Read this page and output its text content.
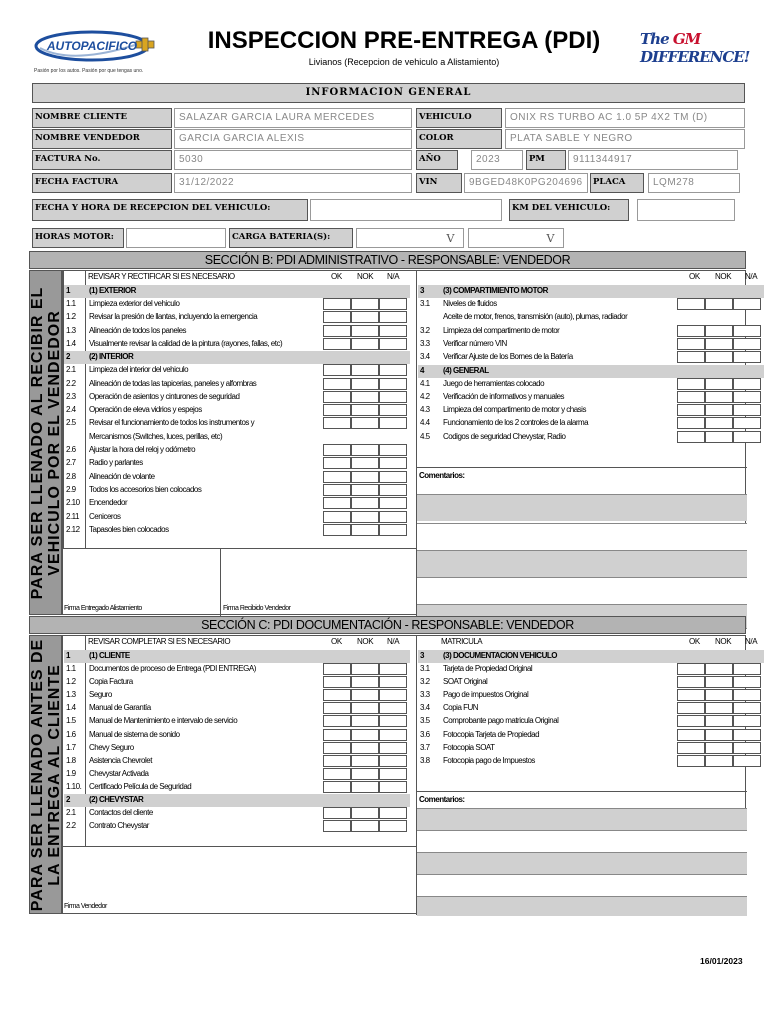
AUTOPACIFICO
Pasión por los autos. Pasión por que tengas uno.
The GM DIFFERENCE!
INSPECCION PRE-ENTREGA (PDI)
Livianos (Recepcion de vehiculo a Alistamiento)
INFORMACION GENERAL
NOMBRE CLIENTE	SALAZAR GARCIA LAURA MERCEDES	VEHICULO	ONIX RS TURBO AC 1.0 5P 4X2 TM (D)
NOMBRE VENDEDOR	GARCIA GARCIA ALEXIS	COLOR	PLATA SABLE Y NEGRO
FACTURA No.	5030	AÑO	2023	PM	9111344917
FECHA FACTURA	31/12/2022	VIN	9BGED48K0PG204696	PLACA	LQM278
FECHA Y HORA DE RECEPCION DEL VEHICULO:	KM DEL VEHICULO:
HORAS MOTOR:	CARGA BATERIA(S):	V	V
SECCIÓN B: PDI ADMINISTRATIVO - RESPONSABLE: VENDEDOR
PARA SER LLENADO AL RECIBIR EL VEHICULO POR EL VENDEDOR
REVISAR Y RECTIFICAR SI ES NECESARIO	OK NOK N/A	OK NOK N/A
1 (1) EXTERIOR
1.1 Limpieza exterior del vehiculo
1.2 Revisar la presión de llantas, incluyendo la emergencia
1.3 Alineación de todos los paneles
1.4 Visualmente revisar la calidad de la pintura (rayones, fallas, etc)
2 (2) INTERIOR
2.1 Limpieza del interior del vehiculo
2.2 Alineación de todas las tapicerias, paneles y alfombras
2.3 Operación de asientos y cinturones de seguridad
2.4 Operación de eleva vidrios y espejos
2.5 Revisar el funcionamiento de todos los instrumentos y
Mercanismos (Switches, luces, perillas, etc)
2.6 Ajustar la hora del reloj y odómetro
2.7 Radio y parlantes
2.8 Alineación de volante
2.9 Todos los accesorios bien colocados
2.10 Encendedor
2.11 Ceniceros
2.12 Tapasoles bien colocados
3 (3) COMPARTIMIENTO MOTOR
3.1 Niveles de fluidos
Aceite de motor, frenos, transmisión (auto), plumas, radiador
3.2 Limpieza del compartimento de motor
3.3 Verificar número VIN
3.4 Verificar Ajuste de los Bornes de la Batería
4 (4) GENERAL
4.1 Juego de herramientas colocado
4.2 Verificación de informativos y manuales
4.3 Limpieza del compartimento de motor y chasis
4.4 Funcionamiento de los 2 controles de la alarma
4.5 Codigos de seguridad Chevystar, Radio
Firma Entregado Alistamiento	Firma Recibido Vendedor
Comentarios:
SECCIÓN C: PDI DOCUMENTACIÓN - RESPONSABLE: VENDEDOR
PARA SER LLENADO ANTES DE LA ENTREGA AL CLIENTE
REVISAR COMPLETAR SI ES NECESARIO	MATRICULA
OK NOK N/A	OK NOK N/A
1 (1) CLIENTE
1.1 Documentos de proceso de Entrega (PDI ENTREGA)
1.2 Copia Factura
1.3 Seguro
1.4 Manual de Garantía
1.5 Manual de Mantenimiento e intervalo de servicio
1.6 Manual de sistema de sonido
1.7 Chevy Seguro
1.8 Asistencia Chevrolet
1.9 Chevystar Activada
1.10. Certificado Película de Seguridad
2 (2) CHEVYSTAR
2.1 Contactos del cliente
2.2 Contrato Chevystar
3 (3) DOCUMENTACION VEHICULO
3.1 Tarjeta de Propiedad Original
3.2 SOAT Original
3.3 Pago de impuestos Original
3.4 Copia FUN
3.5 Comprobante pago matricula Original
3.6 Fotocopia Tarjeta de Propiedad
3.7 Fotocopia SOAT
3.8 Fotocopia pago de Impuestos
Firma Vendedor
Comentarios:
16/01/2023
